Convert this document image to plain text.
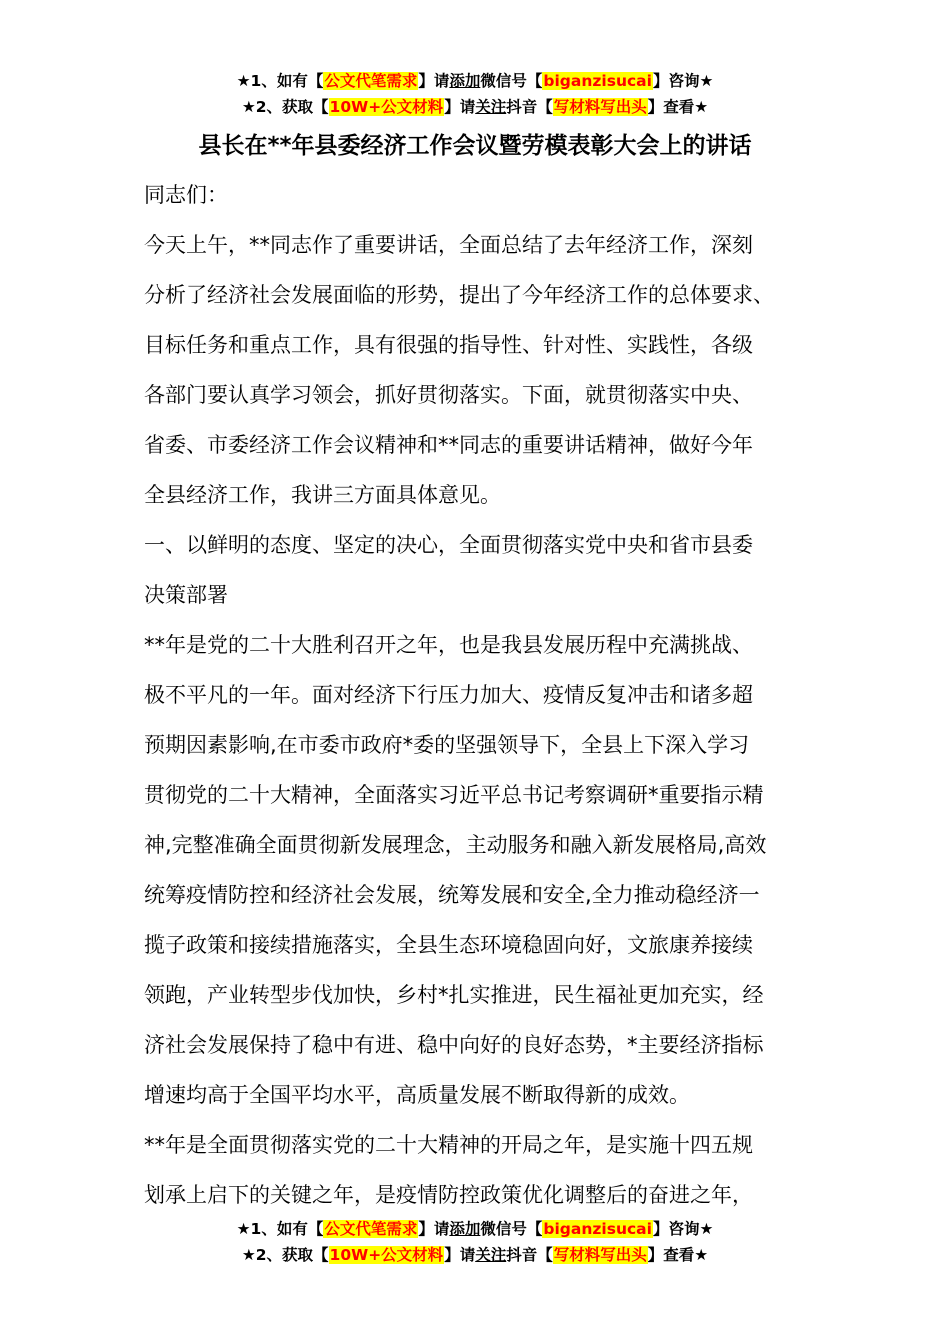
★1、如有【公文代笔需求】请添加微信号【biganzisucai】咨询★
★2、获取【10W+公文材料】请关注抖音【写材料写出头】查看★
县长在**年县委经济工作会议暨劳模表彰大会上的讲话
同志们：
今天上午，**同志作了重要讲话，全面总结了去年经济工作，深刻
分析了经济社会发展面临的形势，提出了今年经济工作的总体要求、
目标任务和重点工作，具有很强的指导性、针对性、实践性，各级
各部门要认真学习领会，抓好贯彻落实。下面，就贯彻落实中央、
省委、市委经济工作会议精神和**同志的重要讲话精神，做好今年
全县经济工作，我讲三方面具体意见。
一、以鲜明的态度、坚定的决心，全面贯彻落实党中央和省市县委
决策部署
**年是党的二十大胜利召开之年，也是我县发展历程中充满挑战、
极不平凡的一年。面对经济下行压力加大、疫情反复冲击和诸多超
预期因素影响,在市委市政府*委的坚强领导下，全县上下深入学习
贯彻党的二十大精神，全面落实习近平总书记考察调研*重要指示精
神,完整准确全面贯彻新发展理念，主动服务和融入新发展格局,高效
统筹疫情防控和经济社会发展，统筹发展和安全,全力推动稳经济一
揽子政策和接续措施落实，全县生态环境稳固向好，文旅康养接续
领跑，产业转型步伐加快，乡村*扎实推进，民生福祉更加充实，经
济社会发展保持了稳中有进、稳中向好的良好态势，*主要经济指标
增速均高于全国平均水平，高质量发展不断取得新的成效。
**年是全面贯彻落实党的二十大精神的开局之年，是实施十四五规
划承上启下的关键之年，是疫情防控政策优化调整后的奋进之年，
★1、如有【公文代笔需求】请添加微信号【biganzisucai】咨询★
★2、获取【10W+公文材料】请关注抖音【写材料写出头】查看★
